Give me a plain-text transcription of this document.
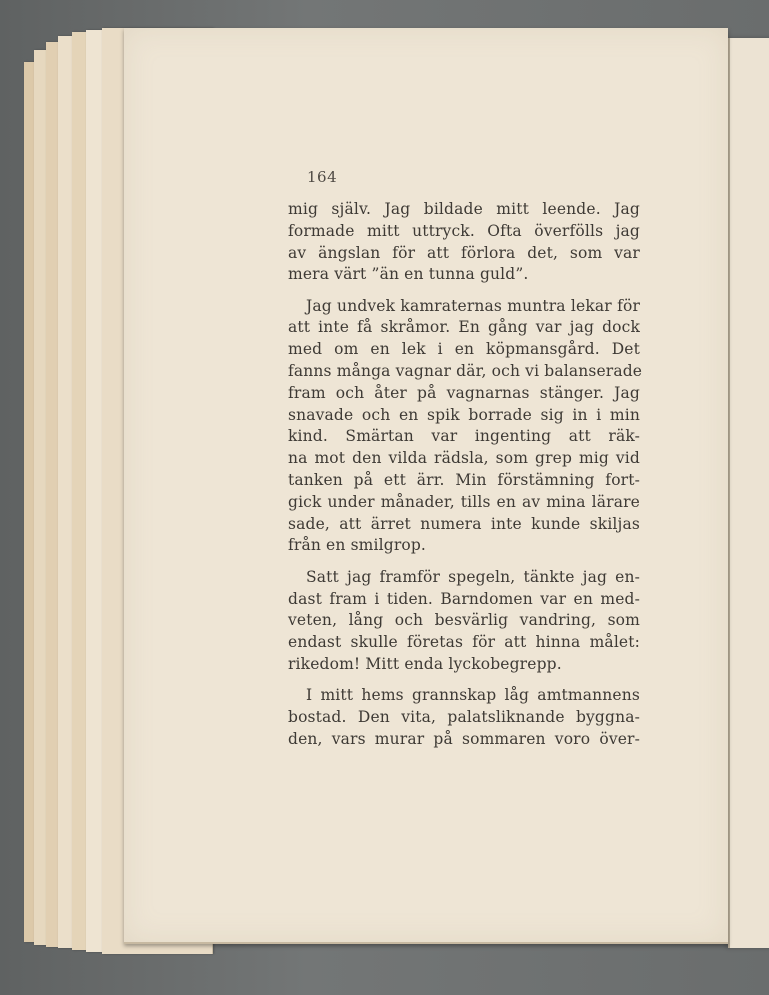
164

mig själv. Jag bildade mitt leende. Jag
formade mitt uttryck. Ofta överfölls jag
av ängslan för att förlora det, som var
mera värt ”än en tunna guld”.

Jag undvek kamraternas muntra lekar för
att inte få skråmor. En gång var jag dock
med om en lek i en köpmansgård. Det
fanns många vagnar där, och vi balanserade
fram och åter på vagnarnas stänger. Jag
snavade och en spik borrade sig in i min
kind. Smärtan var ingenting att räk-
na mot den vilda rädsla, som grep mig vid
tanken på ett ärr. Min förstämning fort-
gick under månader, tills en av mina lärare
sade, att ärret numera inte kunde skiljas
från en smilgrop.

Satt jag framför spegeln, tänkte jag en-
dast fram i tiden. Barndomen var en med-
veten, lång och besvärlig vandring, som
endast skulle företas för att hinna målet:
rikedom! Mitt enda lyckobegrepp.

I mitt hems grannskap låg amtmannens
bostad. Den vita, palatsliknande byggna-
den, vars murar på sommaren voro över-
